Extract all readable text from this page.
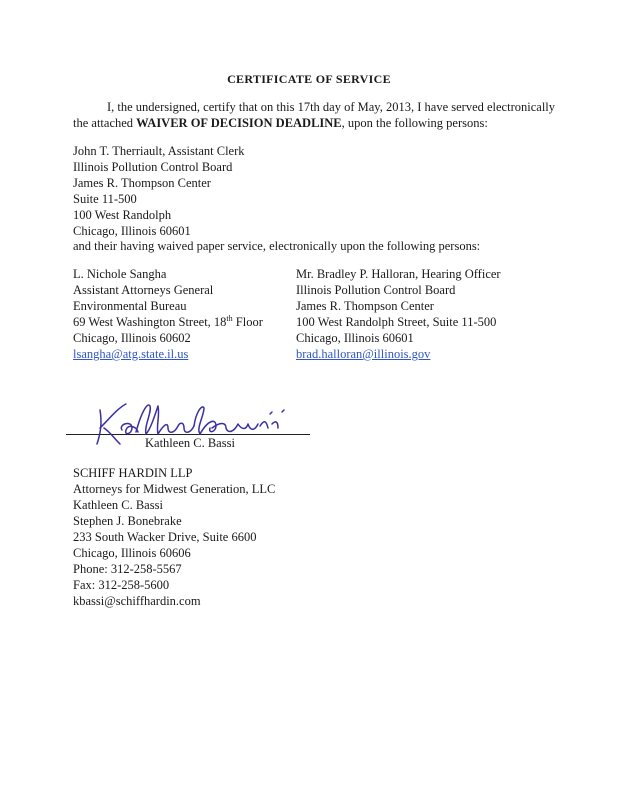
CERTIFICATE OF SERVICE
I, the undersigned, certify that on this 17th day of May, 2013, I have served electronically
the attached WAIVER OF DECISION DEADLINE, upon the following persons:
John T. Therriault, Assistant Clerk
Illinois Pollution Control Board
James R. Thompson Center
Suite 11-500
100 West Randolph
Chicago, Illinois 60601
and their having waived paper service, electronically upon the following persons:
L. Nichole Sangha
Assistant Attorneys General
Environmental Bureau
69 West Washington Street, 18th Floor
Chicago, Illinois 60602
lsangha@atg.state.il.us
Mr. Bradley P. Halloran, Hearing Officer
Illinois Pollution Control Board
James R. Thompson Center
100 West Randolph Street, Suite 11-500
Chicago, Illinois 60601
brad.halloran@illinois.gov
Kathleen C. Bassi
SCHIFF HARDIN LLP
Attorneys for Midwest Generation, LLC
Kathleen C. Bassi
Stephen J. Bonebrake
233 South Wacker Drive, Suite 6600
Chicago, Illinois 60606
Phone: 312-258-5567
Fax: 312-258-5600
kbassi@schiffhardin.com
